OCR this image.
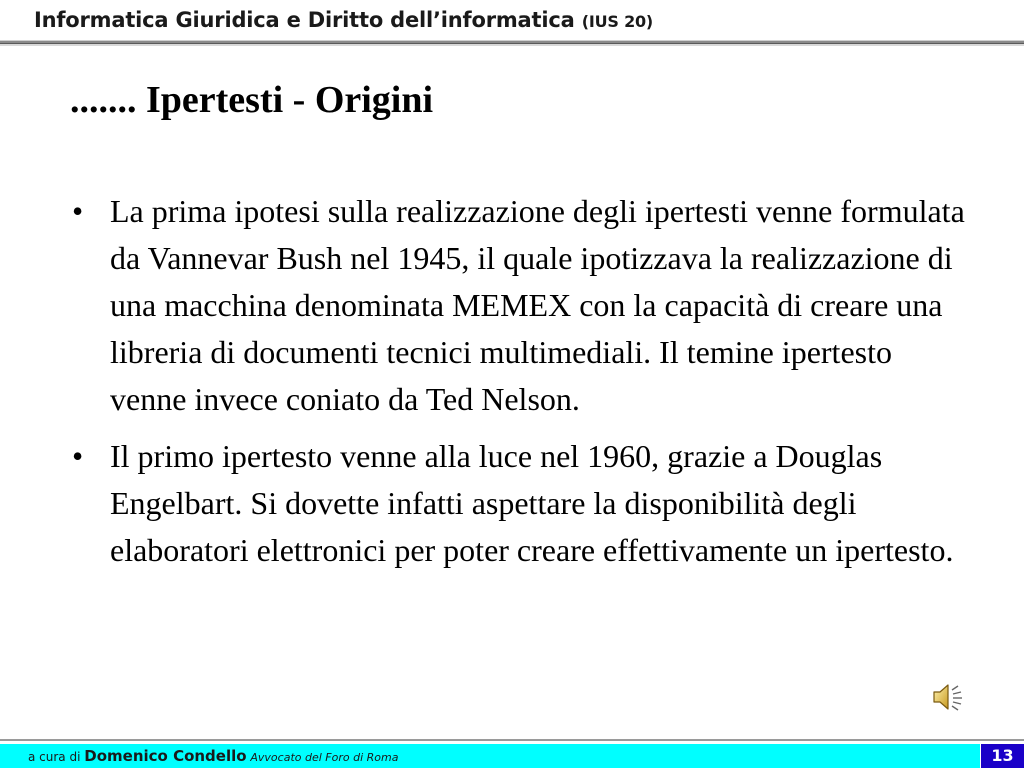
Informatica Giuridica e Diritto dell’informatica (IUS 20)
....... Ipertesti - Origini
• La prima ipotesi sulla realizzazione degli ipertesti venne formulata da Vannevar Bush nel 1945, il quale ipotizzava la realizzazione di una macchina denominata MEMEX con la capacità di creare una libreria di documenti tecnici multimediali. Il temine ipertesto venne invece coniato da Ted Nelson.
• Il primo ipertesto venne alla luce nel 1960, grazie a Douglas Engelbart. Si dovette infatti aspettare la disponibilità degli elaboratori elettronici per poter creare effettivamente un ipertesto.
a cura di Domenico Condello Avvocato del Foro di Roma	13
